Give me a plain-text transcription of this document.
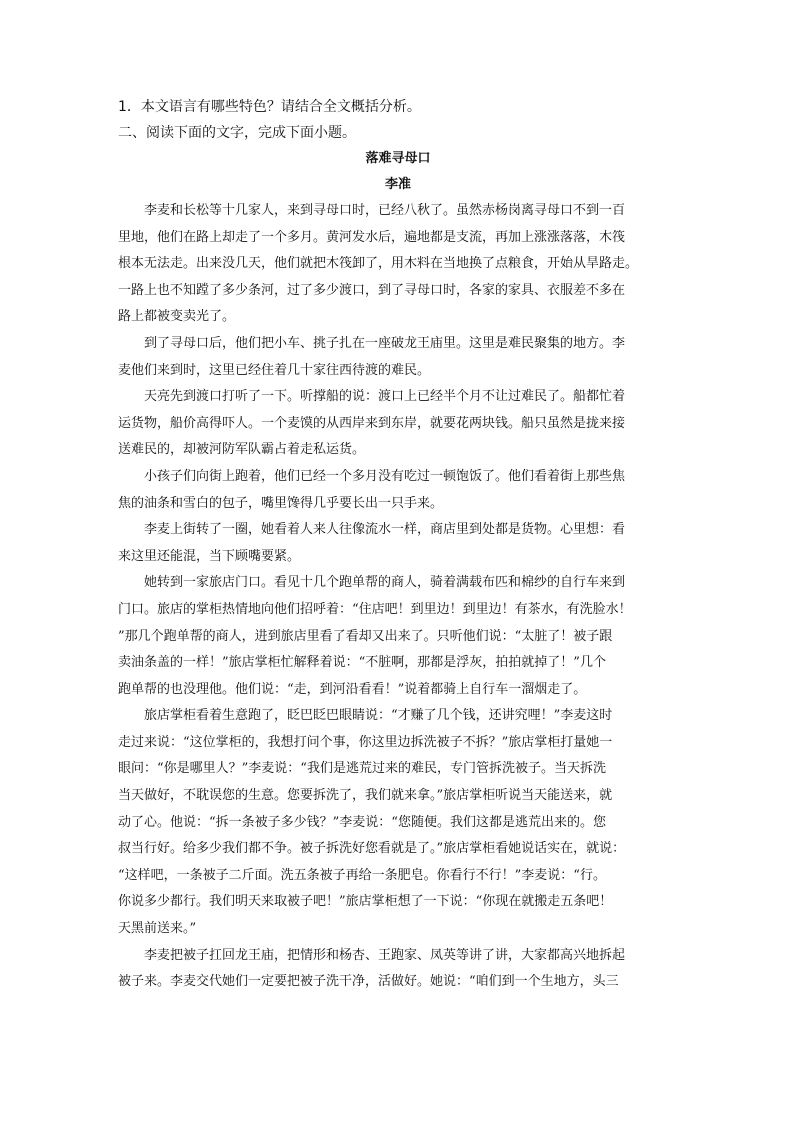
1．本文语言有哪些特色？请结合全文概括分析。

二、阅读下面的文字，完成下面小题。

落难寻母口

李准

李麦和长松等十几家人，来到寻母口时，已经八秋了。虽然赤杨岗离寻母口不到一百
里地，他们在路上却走了一个多月。黄河发水后，遍地都是支流，再加上涨涨落落，木筏
根本无法走。出来没几天，他们就把木筏卸了，用木料在当地换了点粮食，开始从旱路走。
一路上也不知蹚了多少条河，过了多少渡口，到了寻母口时，各家的家具、衣服差不多在
路上都被变卖光了。

到了寻母口后，他们把小车、挑子扎在一座破龙王庙里。这里是难民聚集的地方。李
麦他们来到时，这里已经住着几十家往西待渡的难民。

天亮先到渡口打听了一下。听撑船的说：渡口上已经半个月不让过难民了。船都忙着
运货物，船价高得吓人。一个麦馍的从西岸来到东岸，就要花两块钱。船只虽然是拢来接
送难民的，却被河防军队霸占着走私运货。

小孩子们向街上跑着，他们已经一个多月没有吃过一顿饱饭了。他们看着街上那些焦
焦的油条和雪白的包子，嘴里馋得几乎要长出一只手来。

李麦上街转了一圈，她看着人来人往像流水一样，商店里到处都是货物。心里想：看
来这里还能混，当下顾嘴要紧。

她转到一家旅店门口。看见十几个跑单帮的商人，骑着满载布匹和棉纱的自行车来到
门口。旅店的掌柜热情地向他们招呼着：“住店吧！到里边！到里边！有茶水，有洗脸水！
”那几个跑单帮的商人，进到旅店里看了看却又出来了。只听他们说：“太脏了！被子跟
卖油条盖的一样！”旅店掌柜忙解释着说：“不脏啊，那都是浮灰，拍拍就掉了！”几个
跑单帮的也没理他。他们说：“走，到河沿看看！”说着都骑上自行车一溜烟走了。

旅店掌柜看着生意跑了，眨巴眨巴眼睛说：“才赚了几个钱，还讲究哩！”李麦这时
走过来说：“这位掌柜的，我想打问个事，你这里边拆洗被子不拆？”旅店掌柜打量她一
眼问：“你是哪里人？”李麦说：“我们是逃荒过来的难民，专门管拆洗被子。当天拆洗
当天做好，不耽误您的生意。您要拆洗了，我们就来拿。”旅店掌柜听说当天能送来，就
动了心。他说：“拆一条被子多少钱？”李麦说：“您随便。我们这都是逃荒出来的。您
叔当行好。给多少我们都不争。被子拆洗好您看就是了。”旅店掌柜看她说话实在，就说：
“这样吧，一条被子二斤面。洗五条被子再给一条肥皂。你看行不行！”李麦说：“行。
你说多少都行。我们明天来取被子吧！”旅店掌柜想了一下说：“你现在就搬走五条吧！
天黑前送来。”

李麦把被子扛回龙王庙，把情形和杨杏、王跑家、凤英等讲了讲，大家都高兴地拆起
被子来。李麦交代她们一定要把被子洗干净，活做好。她说：“咱们到一个生地方，头三
